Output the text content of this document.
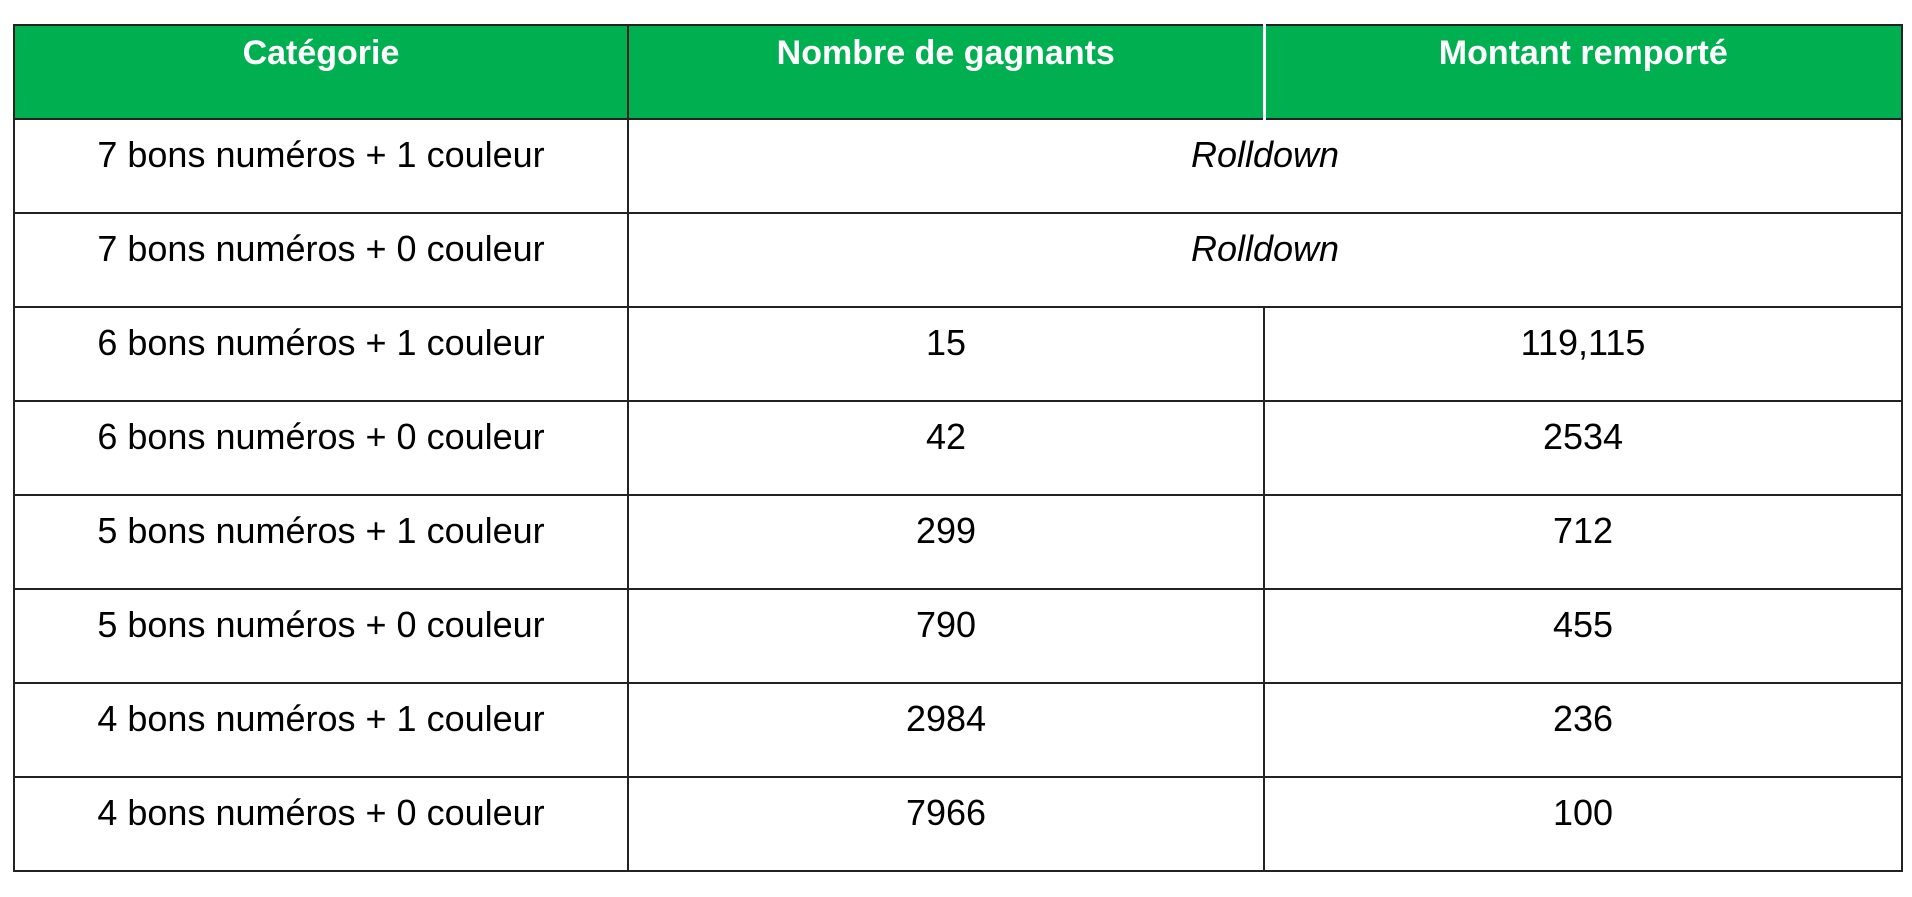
Catégorie	Nombre de gagnants	Montant remporté
7 bons numéros + 1 couleur	Rolldown	
7 bons numéros + 0 couleur	Rolldown	
6 bons numéros + 1 couleur	15	119,115
6 bons numéros + 0 couleur	42	2534
5 bons numéros + 1 couleur	299	712
5 bons numéros + 0 couleur	790	455
4 bons numéros + 1 couleur	2984	236
4 bons numéros + 0 couleur	7966	100
